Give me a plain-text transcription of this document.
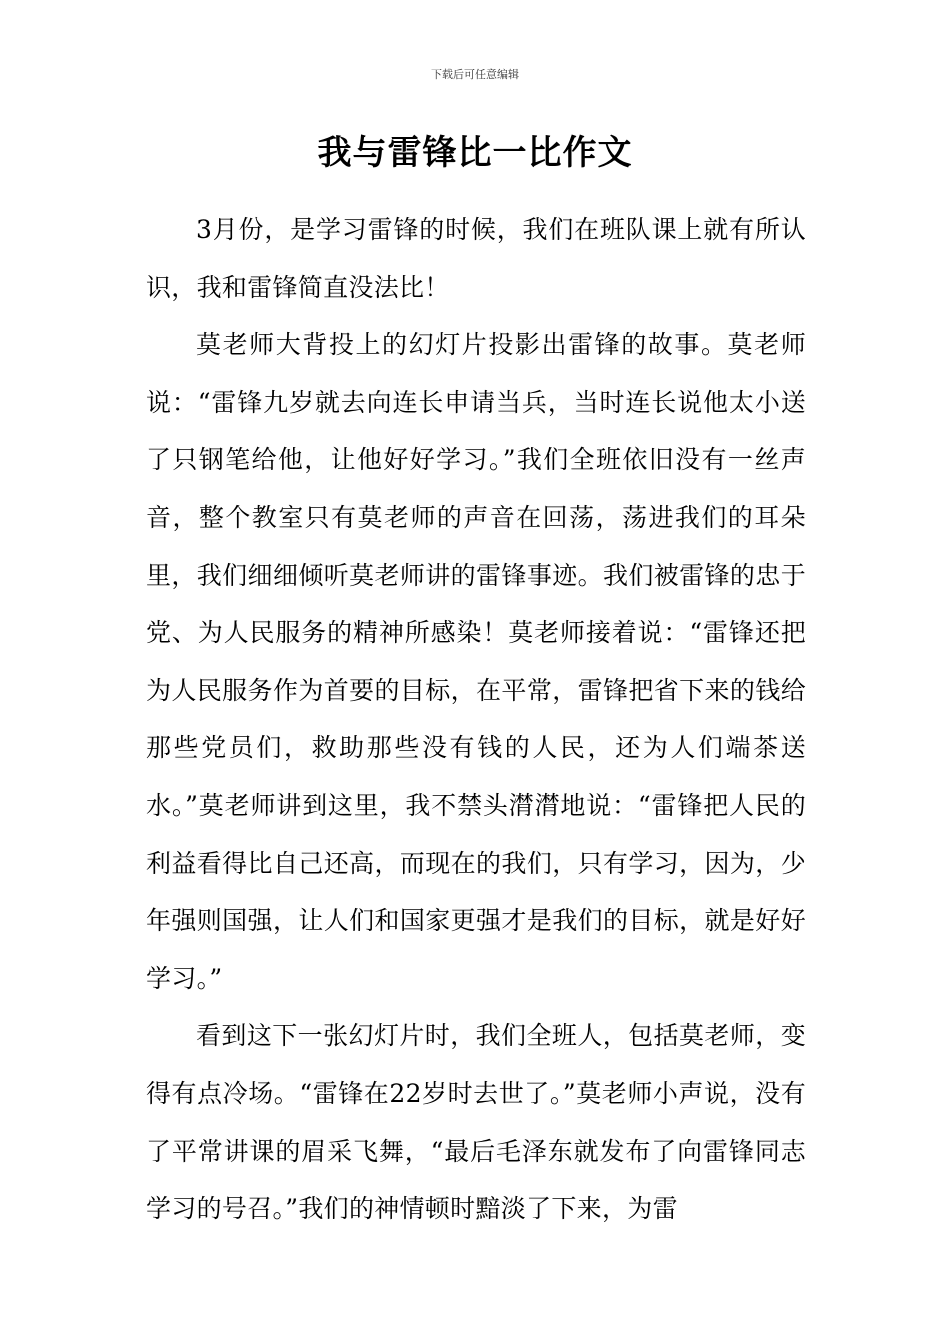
下载后可任意编辑
我与雷锋比一比作文

3月份，是学习雷锋的时候，我们在班队课上就有所认识，我和雷锋简直没法比！

莫老师大背投上的幻灯片投影出雷锋的故事。莫老师说：“雷锋九岁就去向连长申请当兵，当时连长说他太小送了只钢笔给他，让他好好学习。”我们全班依旧没有一丝声音，整个教室只有莫老师的声音在回荡，荡进我们的耳朵里，我们细细倾听莫老师讲的雷锋事迹。我们被雷锋的忠于党、为人民服务的精神所感染！莫老师接着说：“雷锋还把为人民服务作为首要的目标，在平常，雷锋把省下来的钱给那些党员们，救助那些没有钱的人民，还为人们端茶送水。”莫老师讲到这里，我不禁头潸潸地说：“雷锋把人民的利益看得比自己还高，而现在的我们，只有学习，因为，少年强则国强，让人们和国家更强才是我们的目标，就是好好学习。”

看到这下一张幻灯片时，我们全班人，包括莫老师，变得有点冷场。“雷锋在22岁时去世了。”莫老师小声说，没有了平常讲课的眉采飞舞，“最后毛泽东就发布了向雷锋同志学习的号召。”我们的神情顿时黯淡了下来，为雷
